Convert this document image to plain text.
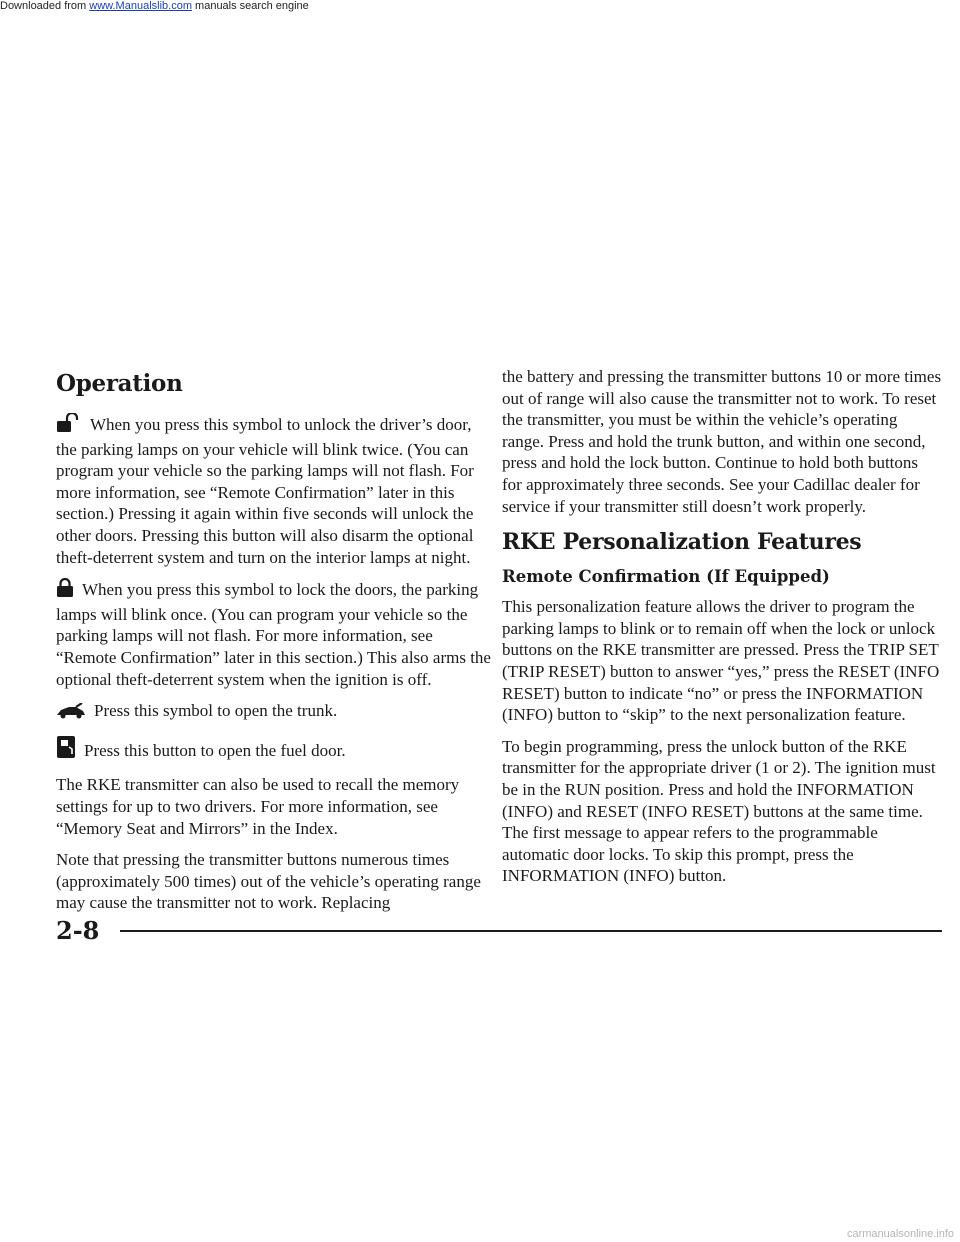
Downloaded from www.Manualslib.com manuals search engine
Operation

When you press this symbol to unlock the driver’s door, the parking lamps on your vehicle will blink twice. (You can program your vehicle so the parking lamps will not flash. For more information, see “Remote Confirmation” later in this section.) Pressing it again within five seconds will unlock the other doors. Pressing this button will also disarm the optional theft-deterrent system and turn on the interior lamps at night.

When you press this symbol to lock the doors, the parking lamps will blink once. (You can program your vehicle so the parking lamps will not flash. For more information, see “Remote Confirmation” later in this section.) This also arms the optional theft-deterrent system when the ignition is off.

Press this symbol to open the trunk.

Press this button to open the fuel door.

The RKE transmitter can also be used to recall the memory settings for up to two drivers. For more information, see “Memory Seat and Mirrors” in the Index.

Note that pressing the transmitter buttons numerous times (approximately 500 times) out of the vehicle’s operating range may cause the transmitter not to work. Replacing

the battery and pressing the transmitter buttons 10 or more times out of range will also cause the transmitter not to work. To reset the transmitter, you must be within the vehicle’s operating range. Press and hold the trunk button, and within one second, press and hold the lock button. Continue to hold both buttons for approximately three seconds. See your Cadillac dealer for service if your transmitter still doesn’t work properly.

RKE Personalization Features
Remote Confirmation (If Equipped)

This personalization feature allows the driver to program the parking lamps to blink or to remain off when the lock or unlock buttons on the RKE transmitter are pressed. Press the TRIP SET (TRIP RESET) button to answer “yes,” press the RESET (INFO RESET) button to indicate “no” or press the INFORMATION (INFO) button to “skip” to the next personalization feature.

To begin programming, press the unlock button of the RKE transmitter for the appropriate driver (1 or 2). The ignition must be in the RUN position. Press and hold the INFORMATION (INFO) and RESET (INFO RESET) buttons at the same time. The first message to appear refers to the programmable automatic door locks. To skip this prompt, press the INFORMATION (INFO) button.

2-8
carmanualsonline.info
